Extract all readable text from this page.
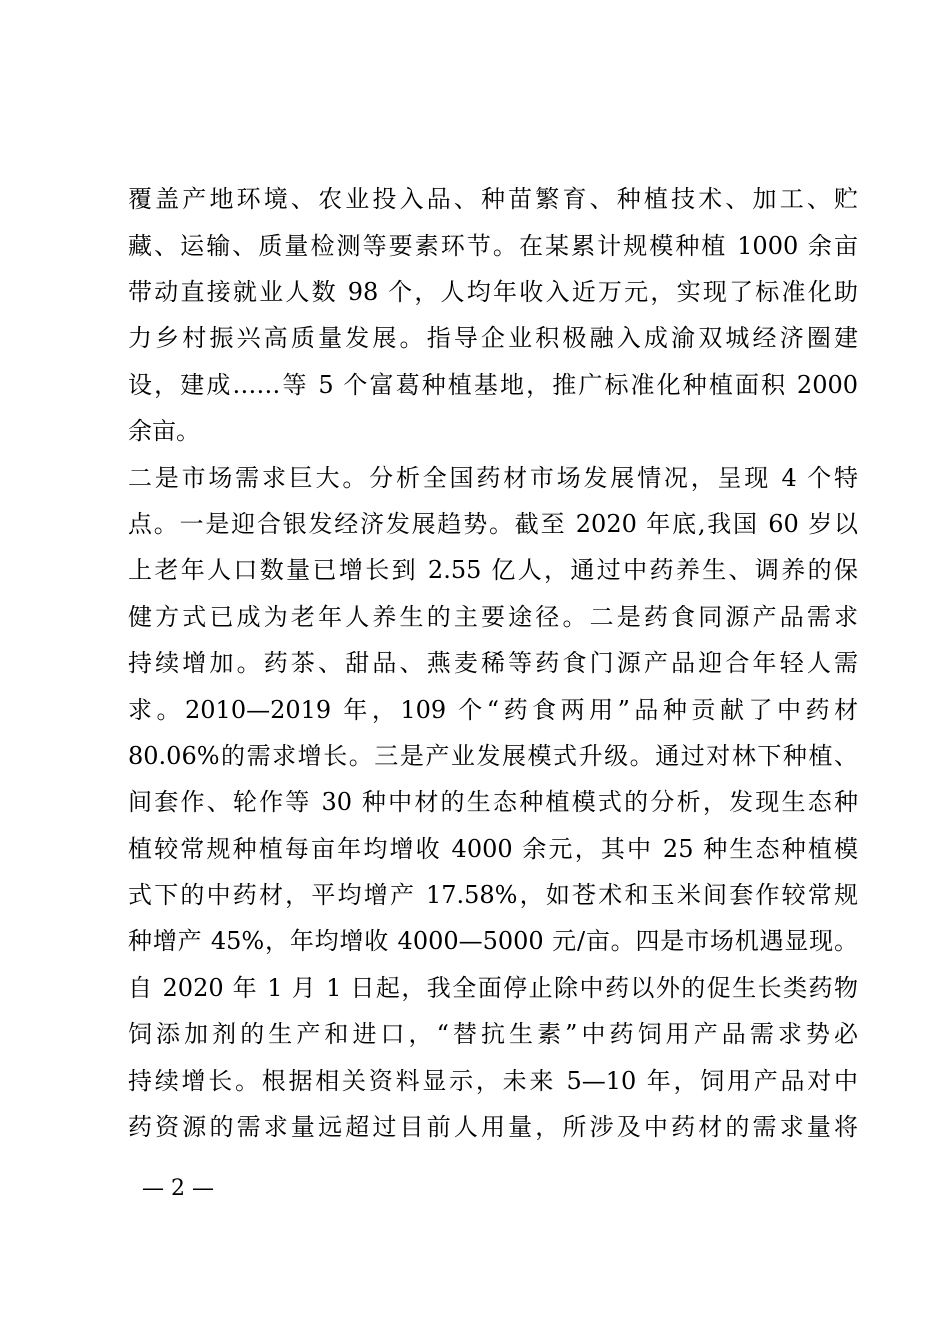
覆盖产地环境、农业投入品、种苗繁育、种植技术、加工、贮
藏、运输、质量检测等要素环节。在某累计规模种植 1000 余亩
带动直接就业人数 98 个，人均年收入近万元，实现了标准化助
力乡村振兴高质量发展。指导企业积极融入成渝双城经济圈建
设，建成……等 5 个富葛种植基地，推广标准化种植面积 2000
余亩。
二是市场需求巨大。分析全国药材市场发展情况，呈现 4 个特
点。一是迎合银发经济发展趋势。截至 2020 年底,我国 60 岁以
上老年人口数量已增长到 2.55 亿人，通过中药养生、调养的保
健方式已成为老年人养生的主要途径。二是药食同源产品需求
持续增加。药茶、甜品、燕麦稀等药食门源产品迎合年轻人需
求。2010—2019 年，109 个“药食两用”品种贡献了中药材
80.06%的需求增长。三是产业发展模式升级。通过对林下种植、
间套作、轮作等 30 种中材的生态种植模式的分析，发现生态种
植较常规种植每亩年均增收 4000 余元，其中 25 种生态种植模
式下的中药材，平均增产 17.58%，如苍术和玉米间套作较常规
种增产 45%，年均增收 4000—5000 元/亩。四是市场机遇显现。
自 2020 年 1 月 1 日起，我全面停止除中药以外的促生长类药物
饲添加剂的生产和进口，“替抗生素”中药饲用产品需求势必
持续增长。根据相关资料显示，未来 5—10 年，饲用产品对中
药资源的需求量远超过目前人用量，所涉及中药材的需求量将
— 2 —
